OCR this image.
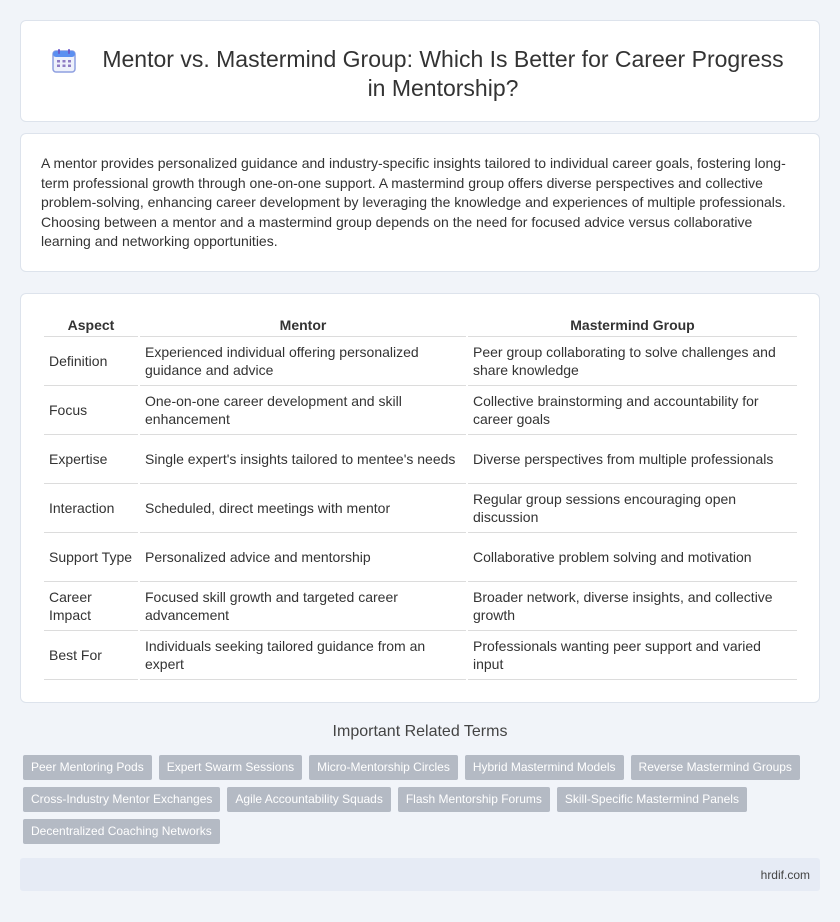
Mentor vs. Mastermind Group: Which Is Better for Career Progress in Mentorship?

A mentor provides personalized guidance and industry-specific insights tailored to individual career goals, fostering long-term professional growth through one-on-one support. A mastermind group offers diverse perspectives and collective problem-solving, enhancing career development by leveraging the knowledge and experiences of multiple professionals. Choosing between a mentor and a mastermind group depends on the need for focused advice versus collaborative learning and networking opportunities.

Aspect	Mentor	Mastermind Group
Definition	Experienced individual offering personalized guidance and advice	Peer group collaborating to solve challenges and share knowledge
Focus	One-on-one career development and skill enhancement	Collective brainstorming and accountability for career goals
Expertise	Single expert's insights tailored to mentee's needs	Diverse perspectives from multiple professionals
Interaction	Scheduled, direct meetings with mentor	Regular group sessions encouraging open discussion
Support Type	Personalized advice and mentorship	Collaborative problem solving and motivation
Career Impact	Focused skill growth and targeted career advancement	Broader network, diverse insights, and collective growth
Best For	Individuals seeking tailored guidance from an expert	Professionals wanting peer support and varied input
Important Related Terms
Peer Mentoring Pods	Expert Swarm Sessions	Micro-Mentorship Circles	Hybrid Mastermind Models	Reverse Mastermind Groups
Cross-Industry Mentor Exchanges	Agile Accountability Squads	Flash Mentorship Forums	Skill-Specific Mastermind Panels
Decentralized Coaching Networks
hrdif.com
